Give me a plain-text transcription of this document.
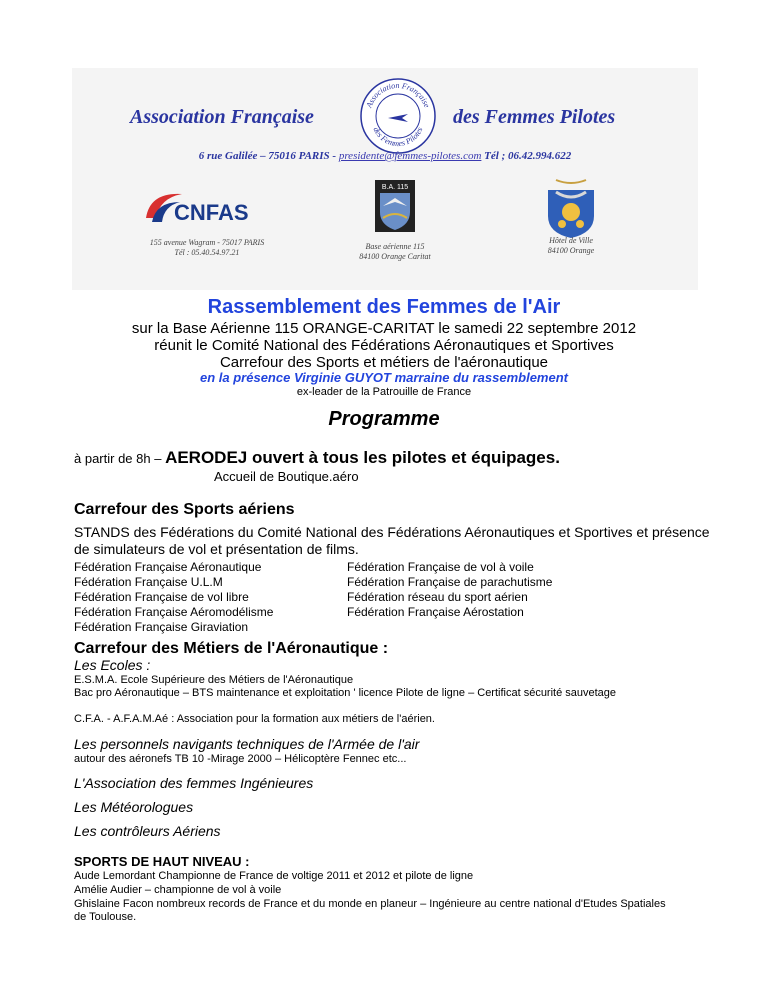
Association Française
Association Française
des Femmes Pilotes
des Femmes Pilotes
6 rue Galilée – 75016 PARIS - presidente@femmes-pilotes.com Tél ; 06.42.994.622
CNFAS
B.A. 115
155 avenue Wagram - 75017 PARIS
Tél : 05.40.54.97.21
Base aérienne 115
84100 Orange Caritat
Hôtel de Ville
84100 Orange
Rassemblement des Femmes de l'Air
sur la Base Aérienne 115 ORANGE-CARITAT le samedi 22 septembre 2012
réunit le Comité National des Fédérations Aéronautiques et Sportives
Carrefour des Sports et métiers de l'aéronautique
en la présence Virginie GUYOT marraine du rassemblement
ex-leader de la Patrouille de France
Programme
à partir de 8h – AERODEJ ouvert à tous les pilotes et équipages.
Accueil de Boutique.aéro
Carrefour des Sports aériens
STANDS des Fédérations du Comité National des Fédérations Aéronautiques et Sportives et présence de simulateurs de vol et présentation de films.
Fédération Française Aéronautique
Fédération Française U.L.M
Fédération Française de vol libre
Fédération Française Aéromodélisme
Fédération Française Giraviation
Fédération Française de vol à voile
Fédération Française de parachutisme
Fédération réseau du sport aérien
Fédération Française Aérostation
Carrefour des Métiers de l'Aéronautique :
Les Ecoles :
E.S.M.A. Ecole Supérieure des Métiers de l'Aéronautique
Bac pro Aéronautique – BTS maintenance et exploitation ' licence Pilote de ligne – Certificat sécurité sauvetage
C.F.A. - A.F.A.M.Aé : Association pour la formation aux métiers de l'aérien.
Les personnels navigants techniques de l'Armée de l'air
autour des aéronefs TB 10 -Mirage 2000 – Hélicoptère Fennec etc...
L'Association des femmes Ingénieures
Les Météorologues
Les contrôleurs Aériens
SPORTS DE HAUT NIVEAU :
Aude Lemordant Championne de France de voltige 2011 et 2012 et pilote de ligne
Amélie Audier – championne de vol à voile
Ghislaine Facon nombreux records de France et du monde en planeur – Ingénieure au centre national d'Etudes Spatiales de Toulouse.
